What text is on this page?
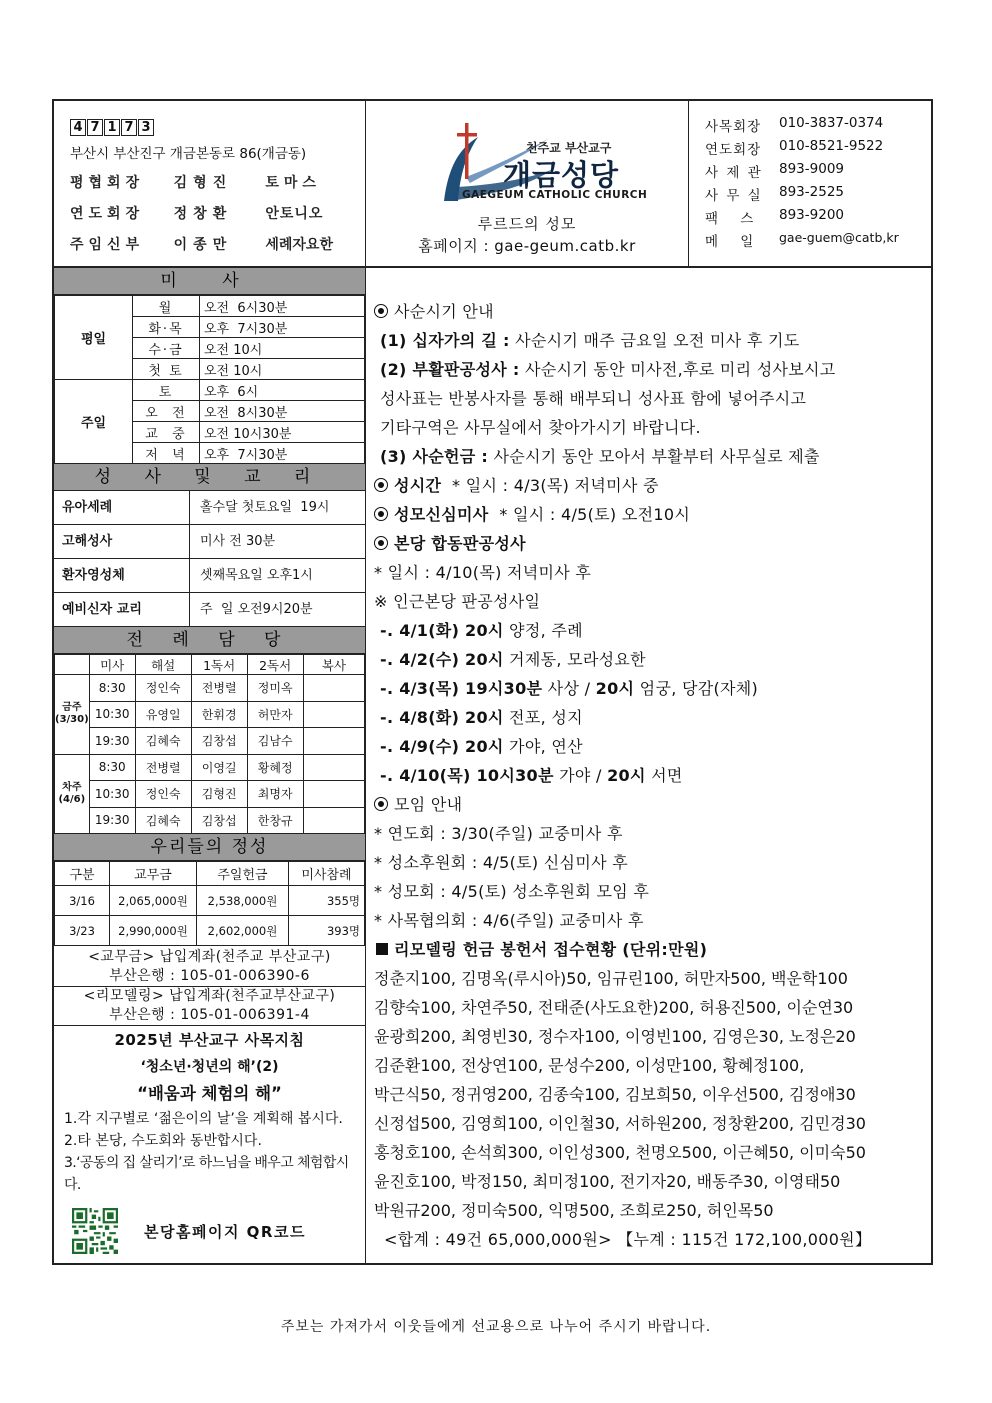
4 7 1 7 3
부산시 부산진구 개금본동로 86(개금동)
평협회장	김형진	토마스
연도회장	정창환	안토니오
주임신부	이종만	세례자요한
천주교 부산교구
개금성당
GAEGEUM CATHOLIC CHURCH
루르드의 성모
홈페이지 : gae-geum.catb.kr
사목회장	010-3837-0374
연도회장	010-8521-9522
사 제 관	893-9009
사 무 실	893-2525
팩    스	893-9200
메    일	gae-guem@catb,kr
미 사
평일	월	오전  6시30분
	화·목	오후  7시30분
	수·금	오전 10시
	첫 토	오전 10시
주일	토	오후  6시
	오  전	오전  8시30분
	교  중	오전 10시30분
	저  녁	오후  7시30분
성 사 및 교 리
유아세례	홀수달 첫토요일  19시
고해성사	미사 전 30분
환자영성체	셋째목요일 오후1시
예비신자 교리	주  일 오전9시20분
전 례 담 당
	미사	해설	1독서	2독서	복사
금주(3/30)	8:30	정인숙	전병렬	정미옥	
	10:30	유영일	한휘경	허만자	
	19:30	김혜숙	김창섭	김남수	
차주(4/6)	8:30	전병렬	이영길	황혜정	
	10:30	정인숙	김형진	최명자	
	19:30	김혜숙	김창섭	한창규	
우리들의 정성
구분	교무금	주일헌금	미사참례
3/16	2,065,000원	2,538,000원	355명
3/23	2,990,000원	2,602,000원	393명
<교무금> 납입계좌(천주교 부산교구)
부산은행 : 105-01-006390-6
<리모델링> 납입계좌(천주교부산교구)
부산은행 : 105-01-006391-4
2025년 부산교구 사목지침
‘청소년·청년의 해’(2)
“배움과 체험의 해”
1.각 지구별로 ‘젊은이의 날’을 계획해 봅시다.
2.타 본당, 수도회와 동반합시다.
3.‘공동의 집 살리기’로 하느님을 배우고 체험합시다.
본당홈페이지 QR코드
사순시기 안내
(1) 십자가의 길 : 사순시기 매주 금요일 오전 미사 후 기도
(2) 부활판공성사 : 사순시기 동안 미사전,후로 미리 성사보시고
성사표는 반봉사자를 통해 배부되니 성사표 함에 넣어주시고
기타구역은 사무실에서 찾아가시기 바랍니다.
(3) 사순헌금 : 사순시기 동안 모아서 부활부터 사무실로 제출
성시간  * 일시 : 4/3(목) 저녁미사 중
성모신심미사  * 일시 : 4/5(토) 오전10시
본당 합동판공성사
* 일시 : 4/10(목) 저녁미사 후
※ 인근본당 판공성사일
-. 4/1(화) 20시 양정, 주례
-. 4/2(수) 20시 거제동, 모라성요한
-. 4/3(목) 19시30분 사상 / 20시 엄궁, 당감(자체)
-. 4/8(화) 20시 전포, 성지
-. 4/9(수) 20시 가야, 연산
-. 4/10(목) 10시30분 가야 / 20시 서면
모임 안내
* 연도회 : 3/30(주일) 교중미사 후
* 성소후원회 : 4/5(토) 신심미사 후
* 성모회 : 4/5(토) 성소후원회 모임 후
* 사목협의회 : 4/6(주일) 교중미사 후
리모델링 헌금 봉헌서 접수현황 (단위:만원)
정춘지100, 김명옥(루시아)50, 임규린100, 허만자500, 백운학100
김향숙100, 차연주50, 전태준(사도요한)200, 허용진500, 이순연30
윤광희200, 최영빈30, 정수자100, 이영빈100, 김영은30, 노정은20
김준환100, 전상연100, 문성수200, 이성만100, 황혜정100,
박근식50, 정귀영200, 김종숙100, 김보희50, 이우선500, 김정애30
신정섭500, 김영희100, 이인철30, 서하원200, 정창환200, 김민경30
홍청호100, 손석희300, 이인성300, 천명오500, 이근혜50, 이미숙50
윤진호100, 박정150, 최미정100, 전기자20, 배동주30, 이영태50
박원규200, 정미숙500, 익명500, 조희로250, 허인목50
<합계 : 49건 65,000,000원> 【누계 : 115건 172,100,000원】
주보는 가져가서 이웃들에게 선교용으로 나누어 주시기 바랍니다.
